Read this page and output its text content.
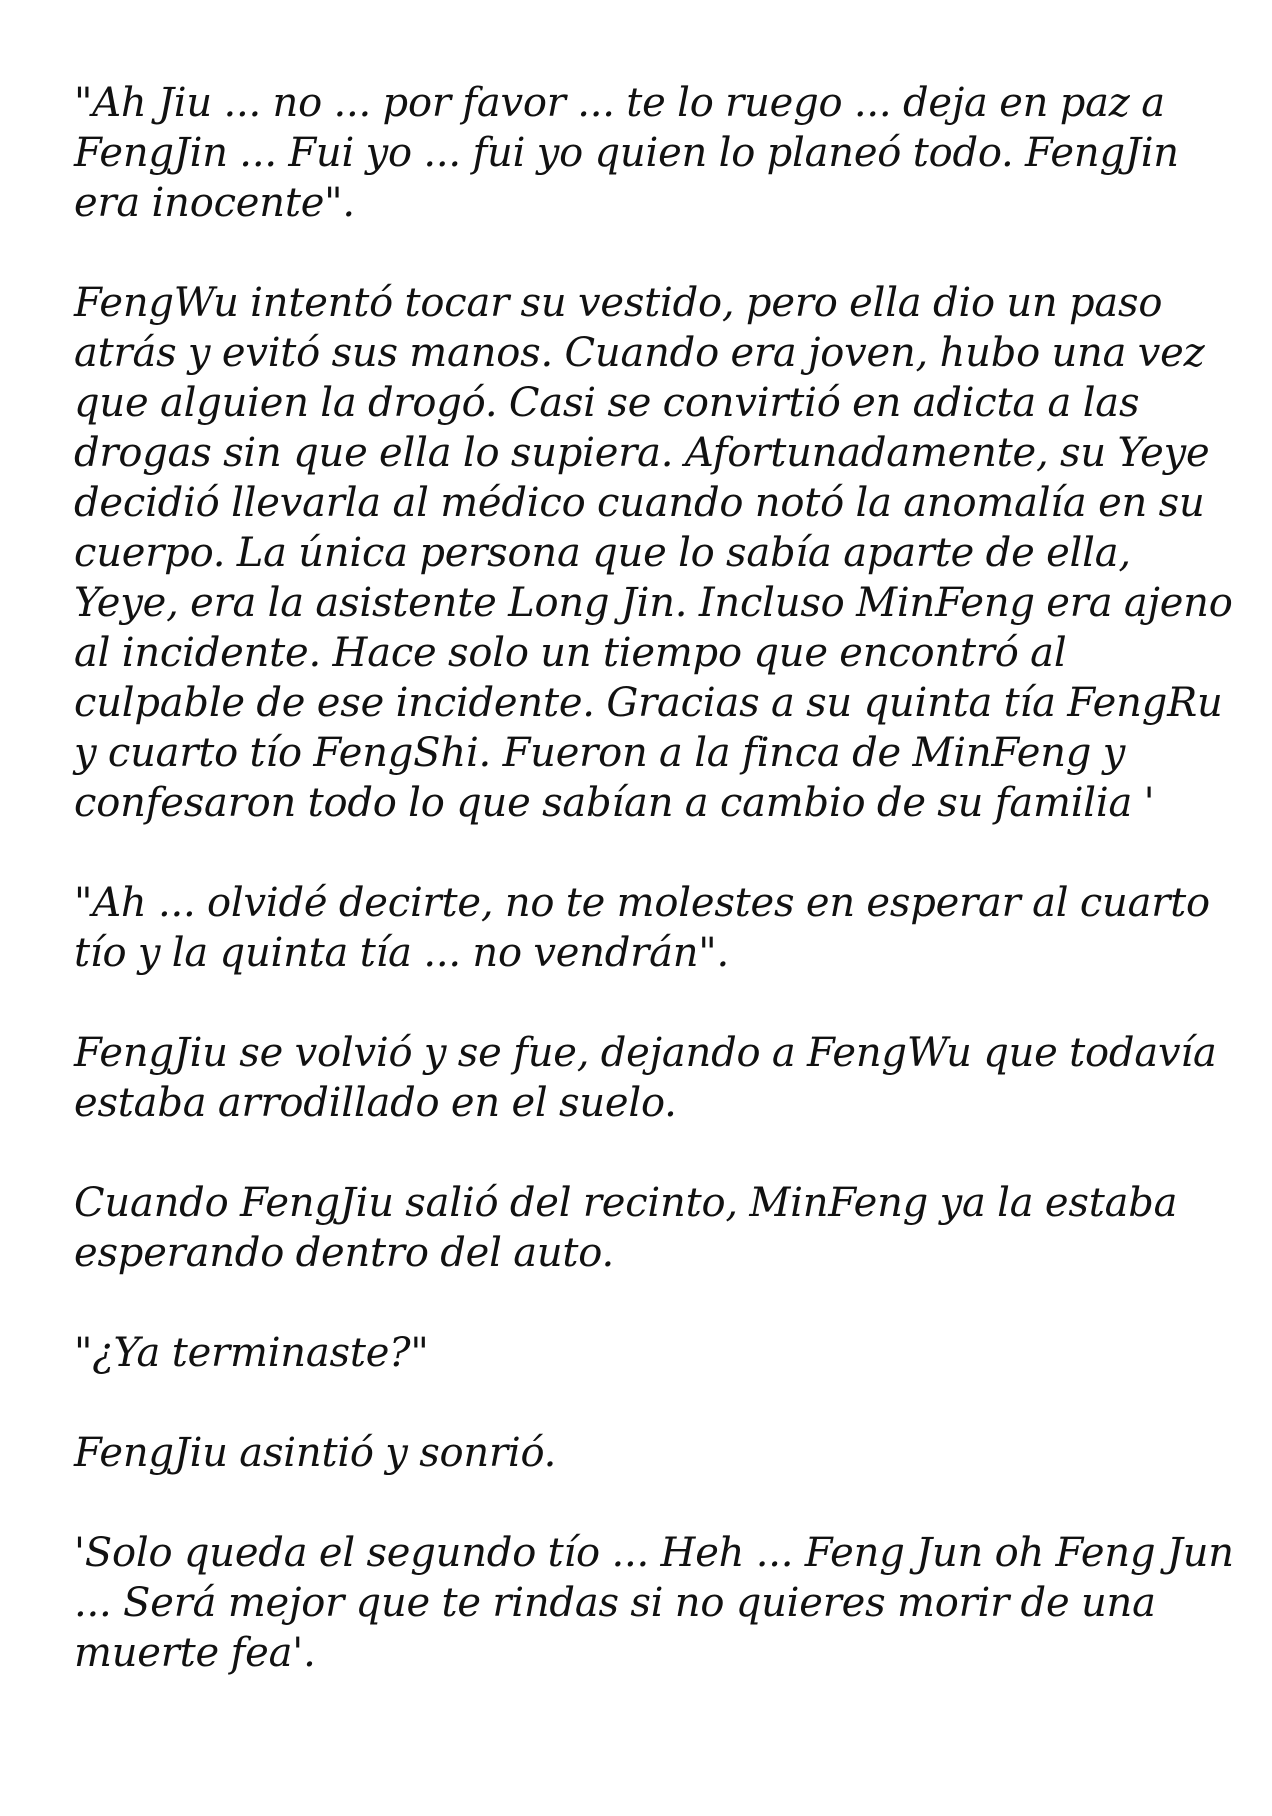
"Ah Jiu ... no ... por favor ... te lo ruego ... deja en paz a FengJin ... Fui yo ... fui yo quien lo planeó todo. FengJin era inocente".

FengWu intentó tocar su vestido, pero ella dio un paso atrás y evitó sus manos. Cuando era joven, hubo una vez que alguien la drogó. Casi se convirtió en adicta a las drogas sin que ella lo supiera. Afortunadamente, su Yeye decidió llevarla al médico cuando notó la anomalía en su cuerpo. La única persona que lo sabía aparte de ella, Yeye, era la asistente Long Jin. Incluso MinFeng era ajeno al incidente. Hace solo un tiempo que encontró al culpable de ese incidente. Gracias a su quinta tía FengRu y cuarto tío FengShi. Fueron a la finca de MinFeng y confesaron todo lo que sabían a cambio de su familia '

"Ah ... olvidé decirte, no te molestes en esperar al cuarto tío y la quinta tía ... no vendrán".

FengJiu se volvió y se fue, dejando a FengWu que todavía estaba arrodillado en el suelo.

Cuando FengJiu salió del recinto, MinFeng ya la estaba esperando dentro del auto.

"¿Ya terminaste?"

FengJiu asintió y sonrió.

'Solo queda el segundo tío ... Heh ... Feng Jun oh Feng Jun ... Será mejor que te rindas si no quieres morir de una muerte fea'.
